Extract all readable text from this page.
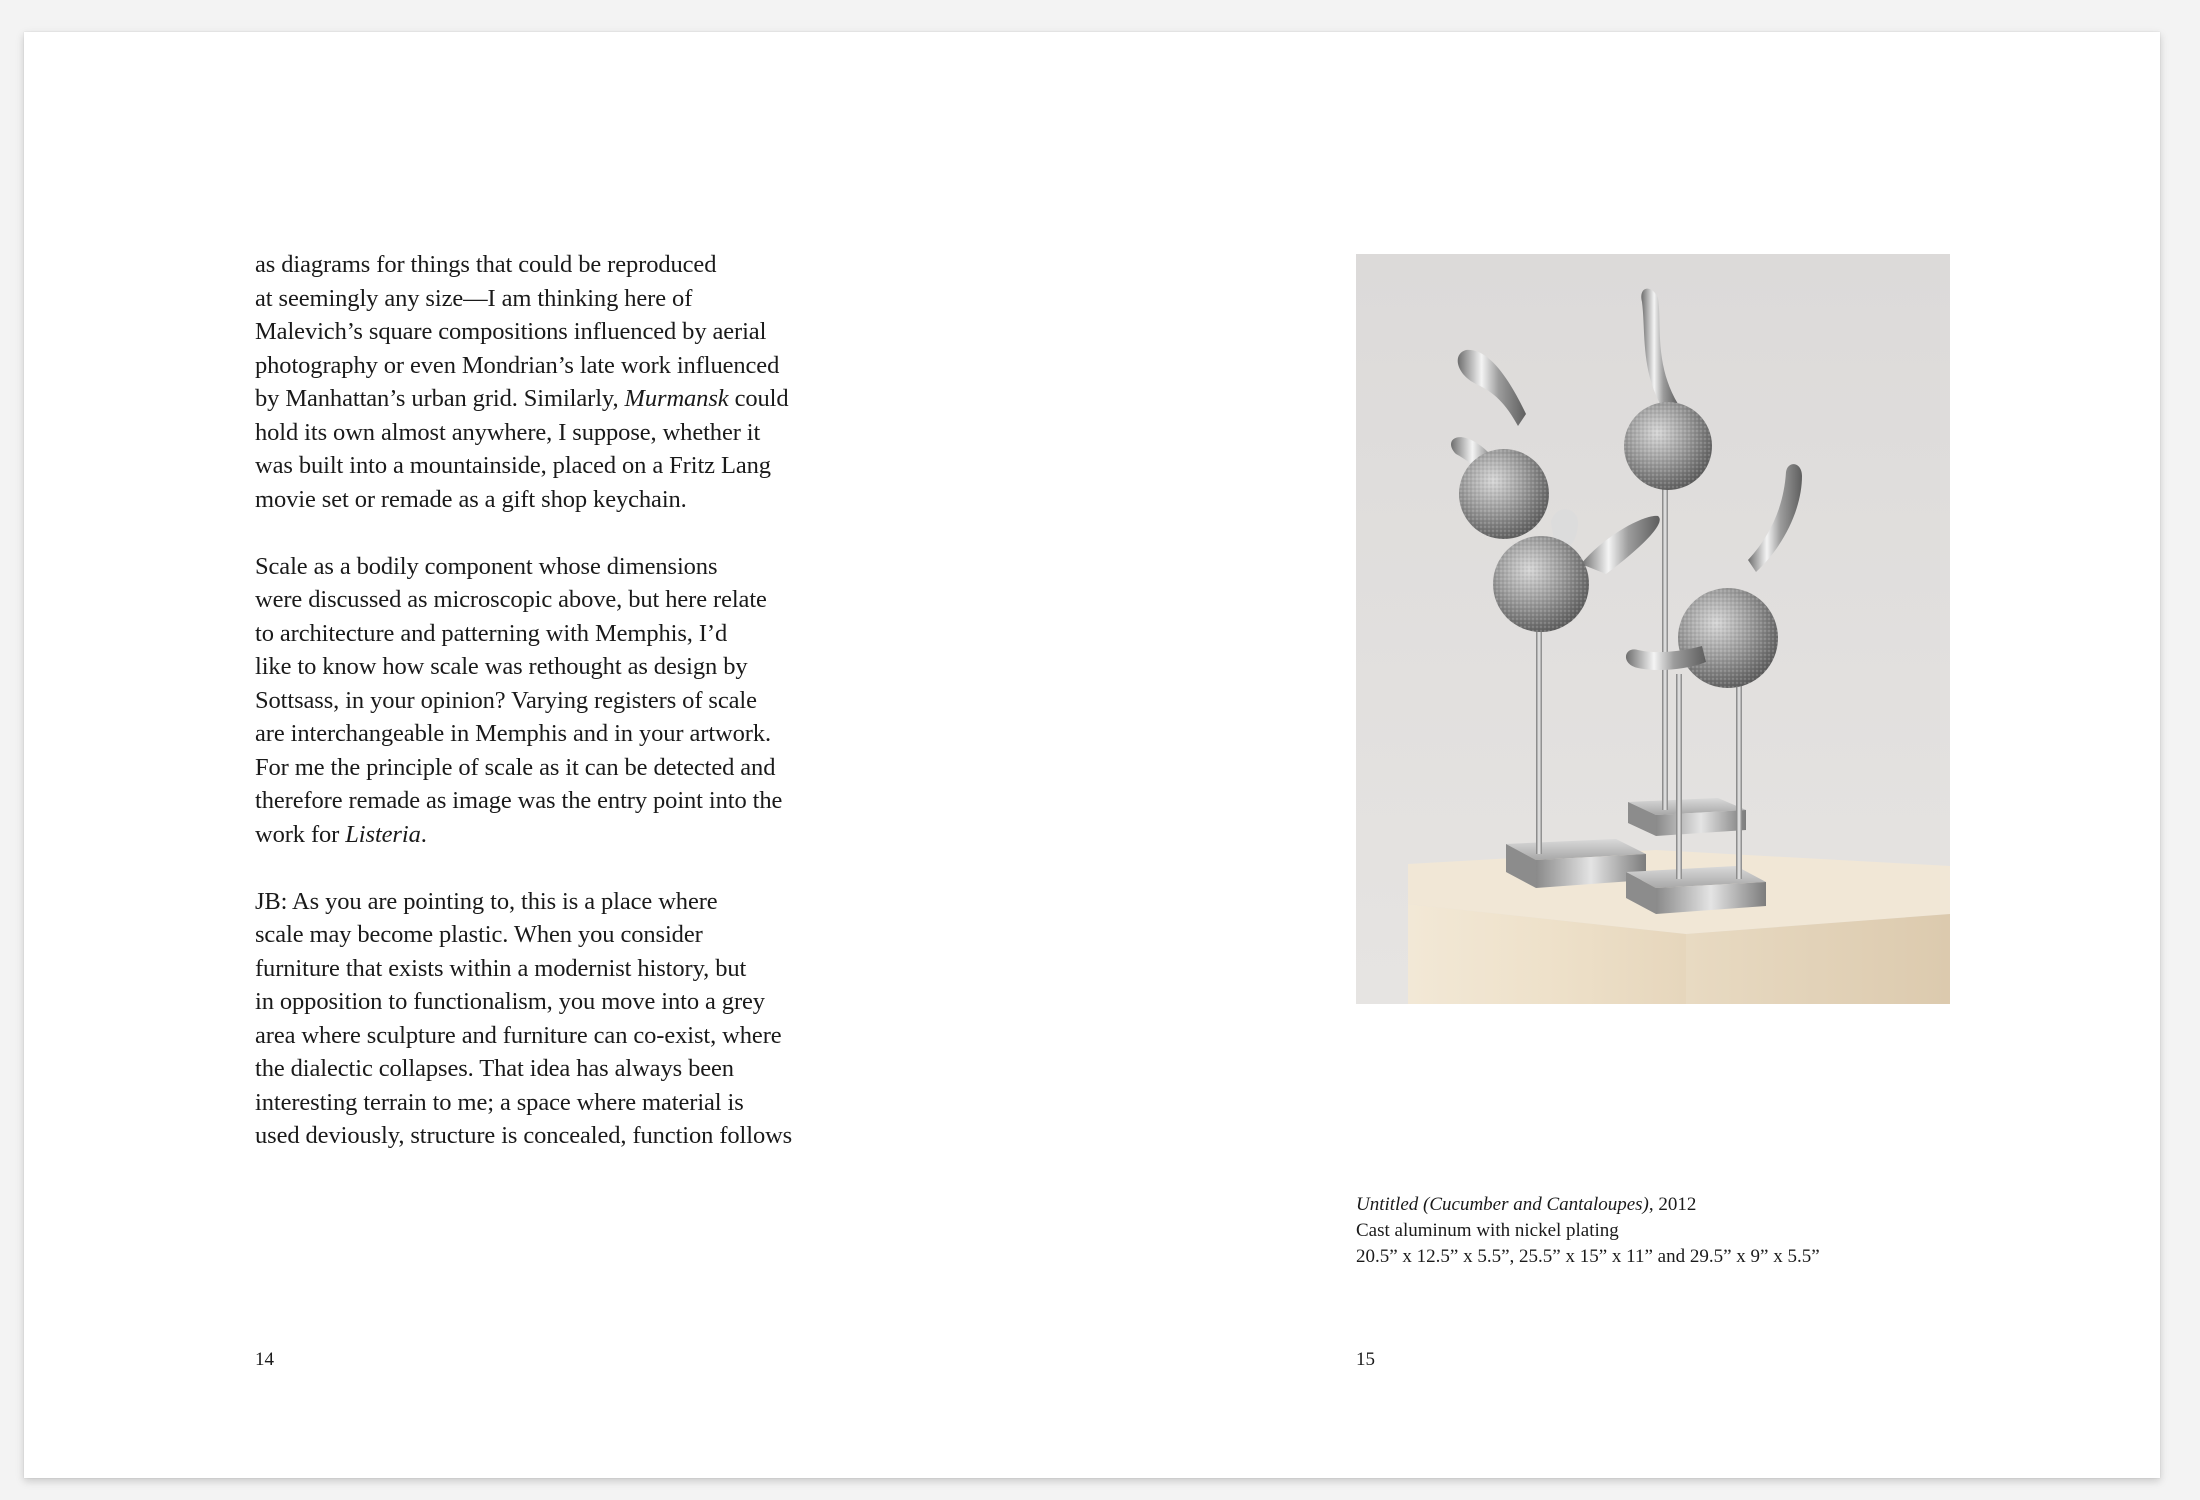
as diagrams for things that could be reproduced
at seemingly any size—I am thinking here of
Malevich’s square compositions influenced by aerial
photography or even Mondrian’s late work influenced
by Manhattan’s urban grid. Similarly, Murmansk could
hold its own almost anywhere, I suppose, whether it
was built into a mountainside, placed on a Fritz Lang
movie set or remade as a gift shop keychain.

Scale as a bodily component whose dimensions
were discussed as microscopic above, but here relate
to architecture and patterning with Memphis, I’d
like to know how scale was rethought as design by
Sottsass, in your opinion? Varying registers of scale
are interchangeable in Memphis and in your artwork.
For me the principle of scale as it can be detected and
therefore remade as image was the entry point into the
work for Listeria.

JB: As you are pointing to, this is a place where
scale may become plastic. When you consider
furniture that exists within a modernist history, but
in opposition to functionalism, you move into a grey
area where sculpture and furniture can co-exist, where
the dialectic collapses. That idea has always been
interesting terrain to me; a space where material is
used deviously, structure is concealed, function follows

14
Untitled (Cucumber and Cantaloupes), 2012
Cast aluminum with nickel plating
20.5” x 12.5” x 5.5”, 25.5” x 15” x 11” and 29.5” x 9” x 5.5”
15
